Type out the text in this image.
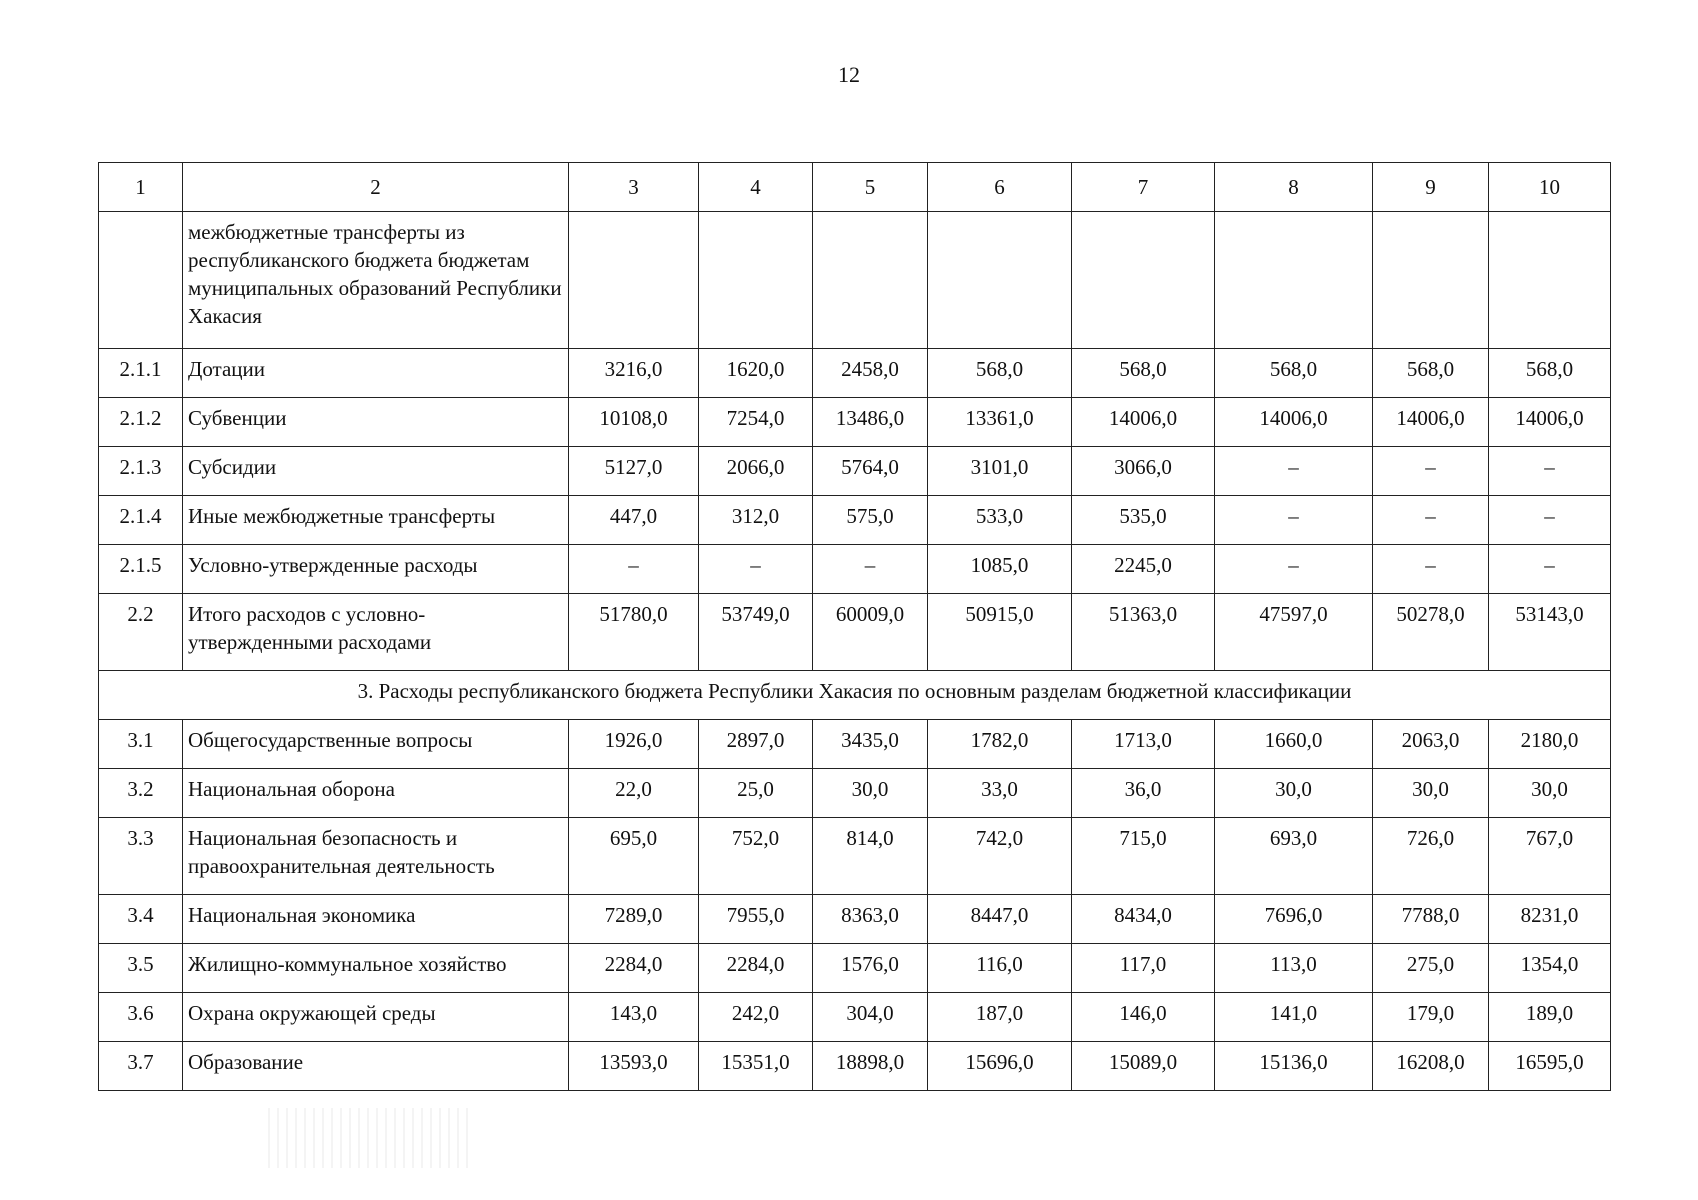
12
1	2	3	4	5	6	7	8	9	10
	межбюджетные трансферты из республиканского бюджета бюджетам муниципальных образований Республики Хакасия								
2.1.1	Дотации	3216,0	1620,0	2458,0	568,0	568,0	568,0	568,0	568,0
2.1.2	Субвенции	10108,0	7254,0	13486,0	13361,0	14006,0	14006,0	14006,0	14006,0
2.1.3	Субсидии	5127,0	2066,0	5764,0	3101,0	3066,0	–	–	–
2.1.4	Иные межбюджетные трансферты	447,0	312,0	575,0	533,0	535,0	–	–	–
2.1.5	Условно-утвержденные расходы	–	–	–	1085,0	2245,0	–	–	–
2.2	Итого расходов с условно-утвержденными расходами	51780,0	53749,0	60009,0	50915,0	51363,0	47597,0	50278,0	53143,0
3. Расходы республиканского бюджета Республики Хакасия по основным разделам бюджетной классификации									
3.1	Общегосударственные вопросы	1926,0	2897,0	3435,0	1782,0	1713,0	1660,0	2063,0	2180,0
3.2	Национальная оборона	22,0	25,0	30,0	33,0	36,0	30,0	30,0	30,0
3.3	Национальная безопасность и правоохранительная деятельность	695,0	752,0	814,0	742,0	715,0	693,0	726,0	767,0
3.4	Национальная экономика	7289,0	7955,0	8363,0	8447,0	8434,0	7696,0	7788,0	8231,0
3.5	Жилищно-коммунальное хозяйство	2284,0	2284,0	1576,0	116,0	117,0	113,0	275,0	1354,0
3.6	Охрана окружающей среды	143,0	242,0	304,0	187,0	146,0	141,0	179,0	189,0
3.7	Образование	13593,0	15351,0	18898,0	15696,0	15089,0	15136,0	16208,0	16595,0
